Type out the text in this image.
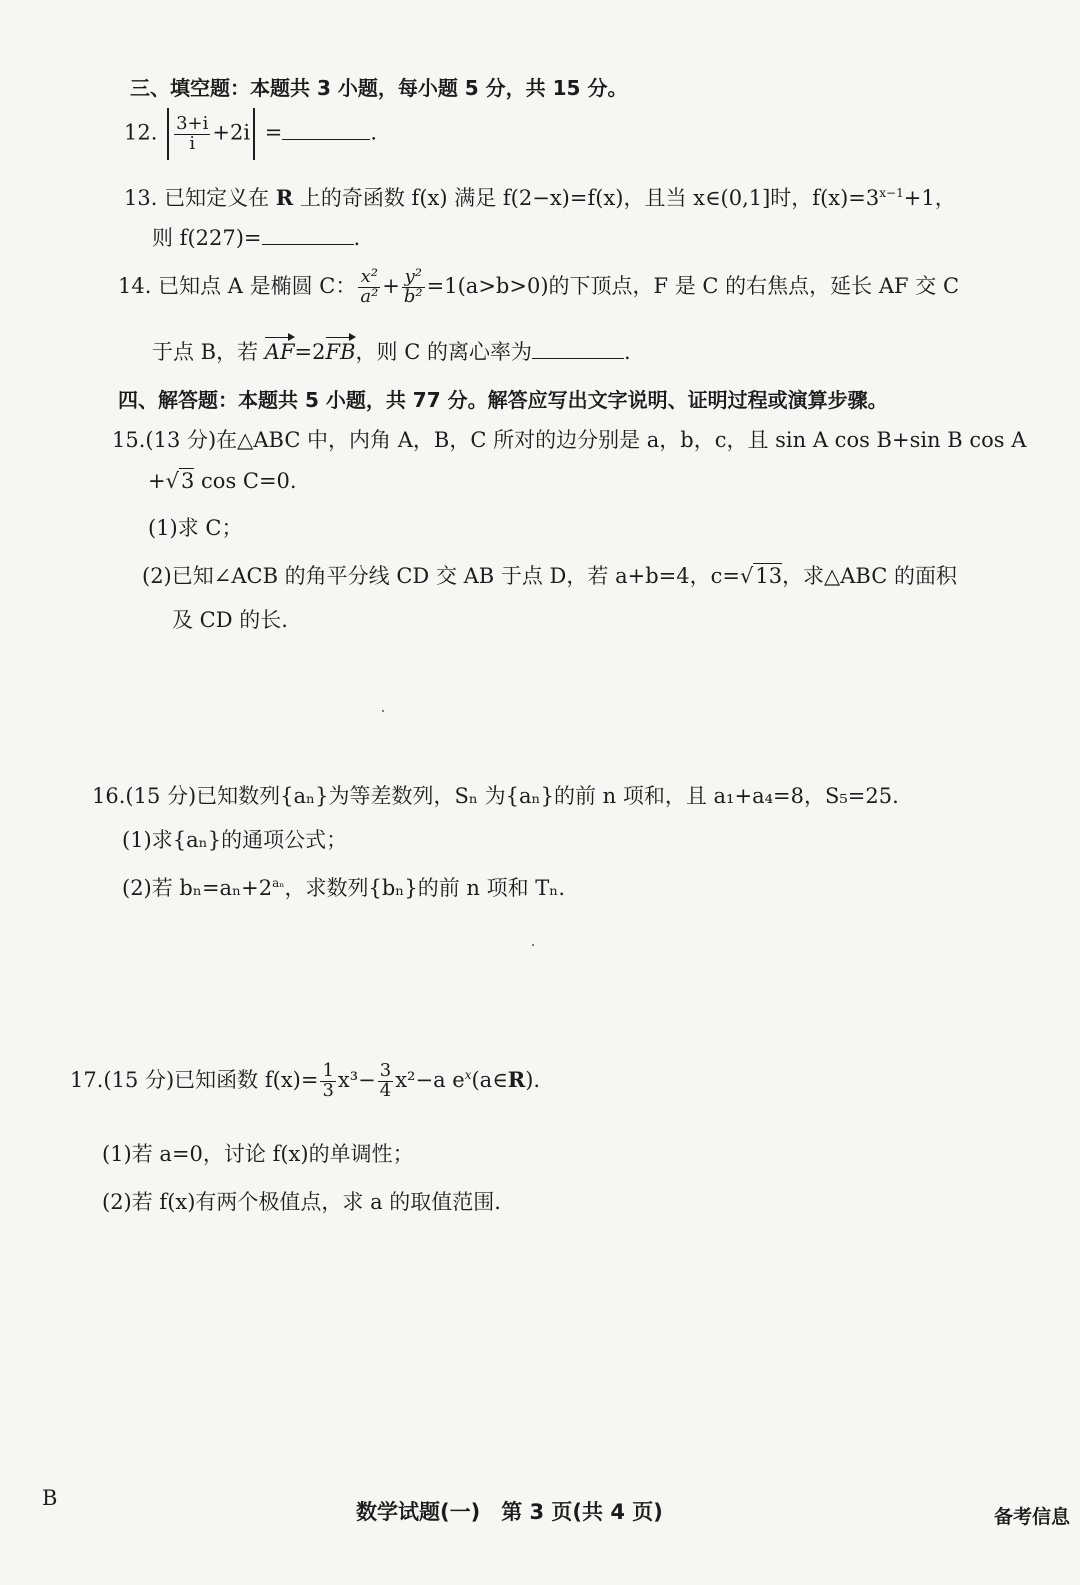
三、填空题：本题共 3 小题，每小题 5 分，共 15 分。
12. $\frac{3+i}{i} +2i$ =	.
13. 已知定义在 R 上的奇函数 f(x) 满足 f(2−x)=f(x)，且当 x∈(0,1]时，$f(x)=3^{x-1}+1$，
则 f(227)=	.
14. 已知点 A 是椭圆 C： $\frac{\text{x²}}{\text{a²}} + \frac{\text{y²}}{\text{b²}} =1(a>b>0)$的下顶点，F 是 C 的右焦点，延长 AF 交 C
于点 B，若 AF=2FB，则 C 的离心率为	.
四、解答题：本题共 5 小题，共 77 分。解答应写出文字说明、证明过程或演算步骤。
15.(13 分)在△ABC 中，内角 A，B，C 所对的边分别是 a，b，c，且 sin A cos B+sin B cos A
+√3 cos C=0.
(1)求 C；
(2)已知∠ACB 的角平分线 CD 交 AB 于点 D，若 a+b=4，c=√13，求△ABC 的面积
及 CD 的长.
16.(15 分)已知数列{aₙ}为等差数列，Sₙ 为{aₙ}的前 n 项和，且 a₁+a₄=8，S₅=25.
(1)求{aₙ}的通项公式；
(2)若 $b_n=a_n+2^{a_n}$，求数列{bₙ}的前 n 项和 Tₙ.
17.(15 分)已知函数 $f(x)= \frac{1}{3} x^3- \frac{3}{4} x^2-a$ $e^x(a\in R)$.
(1)若 a=0，讨论 f(x)的单调性；
(2)若 f(x)有两个极值点，求 a 的取值范围.
B
数学试题(一)　第 3 页(共 4 页)	备考信息
